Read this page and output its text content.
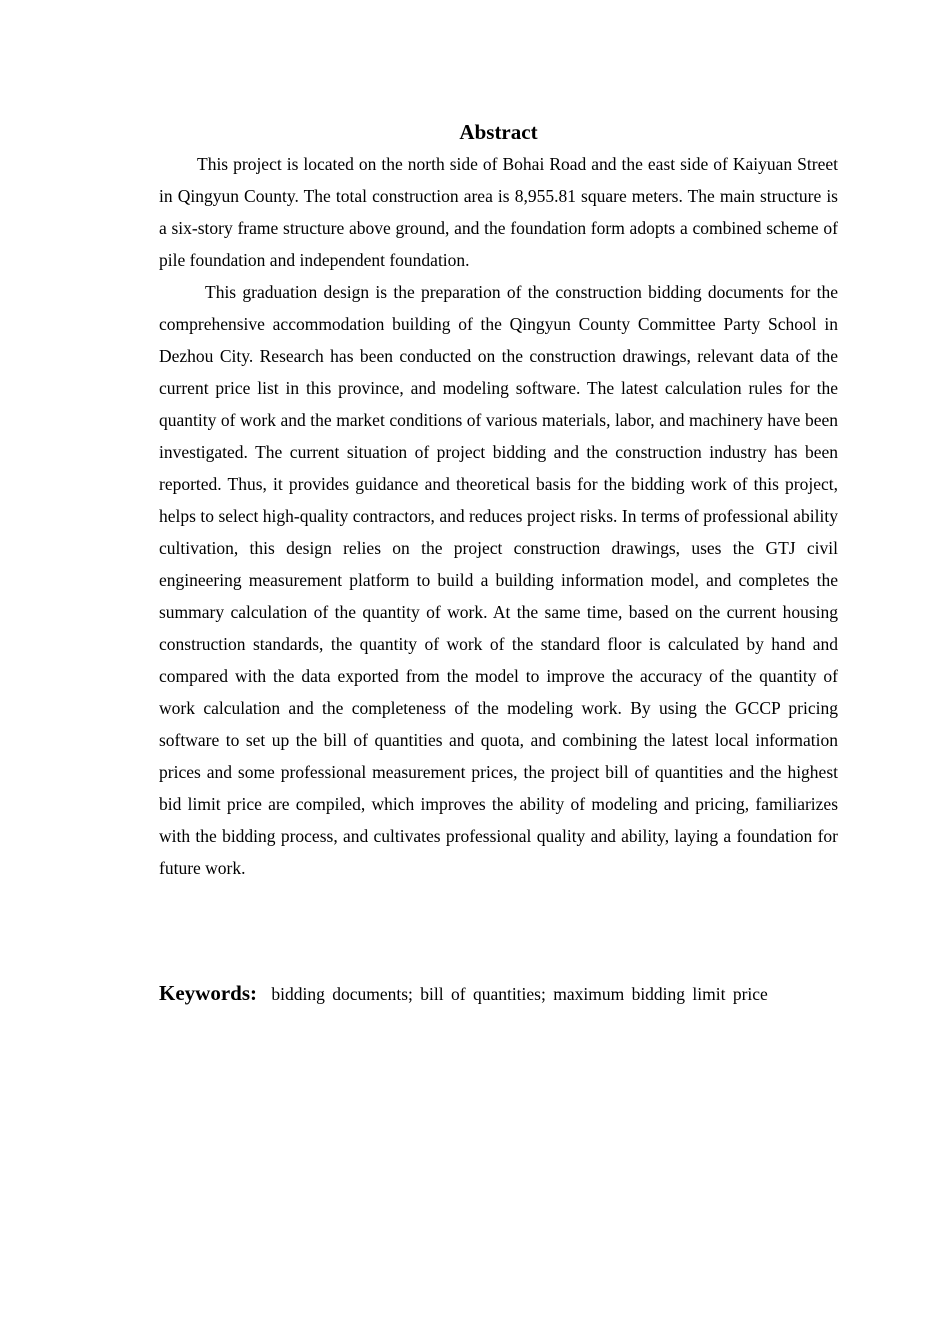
Abstract

This project is located on the north side of Bohai Road and the east side of Kaiyuan Street in Qingyun County. The total construction area is 8,955.81 square meters. The main structure is a six-story frame structure above ground, and the foundation form adopts a combined scheme of pile foundation and independent foundation.

This graduation design is the preparation of the construction bidding documents for the comprehensive accommodation building of the Qingyun County Committee Party School in Dezhou City. Research has been conducted on the construction drawings, relevant data of the current price list in this province, and modeling software. The latest calculation rules for the quantity of work and the market conditions of various materials, labor, and machinery have been investigated. The current situation of project bidding and the construction industry has been reported. Thus, it provides guidance and theoretical basis for the bidding work of this project, helps to select high-quality contractors, and reduces project risks. In terms of professional ability cultivation, this design relies on the project construction drawings, uses the GTJ civil engineering measurement platform to build a building information model, and completes the summary calculation of the quantity of work. At the same time, based on the current housing construction standards, the quantity of work of the standard floor is calculated by hand and compared with the data exported from the model to improve the accuracy of the quantity of work calculation and the completeness of the modeling work. By using the GCCP pricing software to set up the bill of quantities and quota, and combining the latest local information prices and some professional measurement prices, the project bill of quantities and the highest bid limit price are compiled, which improves the ability of modeling and pricing, familiarizes with the bidding process, and cultivates professional quality and ability, laying a foundation for future work.

Keywords: bidding documents; bill of quantities; maximum bidding limit price
